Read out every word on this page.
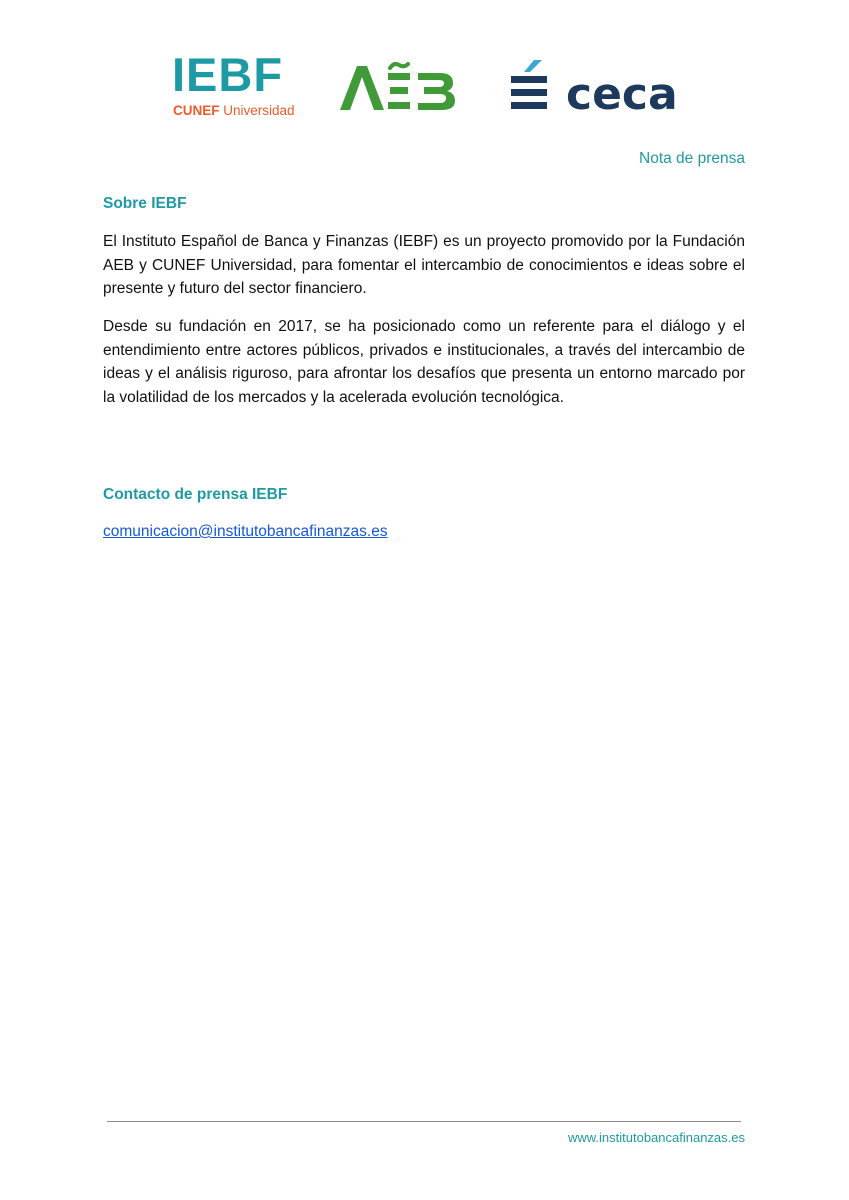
IEBF
CUNEF Universidad	ceca
Nota de prensa
Sobre IEBF

El Instituto Español de Banca y Finanzas (IEBF) es un proyecto promovido por la Fundación AEB y CUNEF Universidad, para fomentar el intercambio de conocimientos e ideas sobre el presente y futuro del sector financiero.

Desde su fundación en 2017, se ha posicionado como un referente para el diálogo y el entendimiento entre actores públicos, privados e institucionales, a través del intercambio de ideas y el análisis riguroso, para afrontar los desafíos que presenta un entorno marcado por la volatilidad de los mercados y la acelerada evolución tecnológica.

Contacto de prensa IEBF
comunicacion@institutobancafinanzas.es
www.institutobancafinanzas.es
